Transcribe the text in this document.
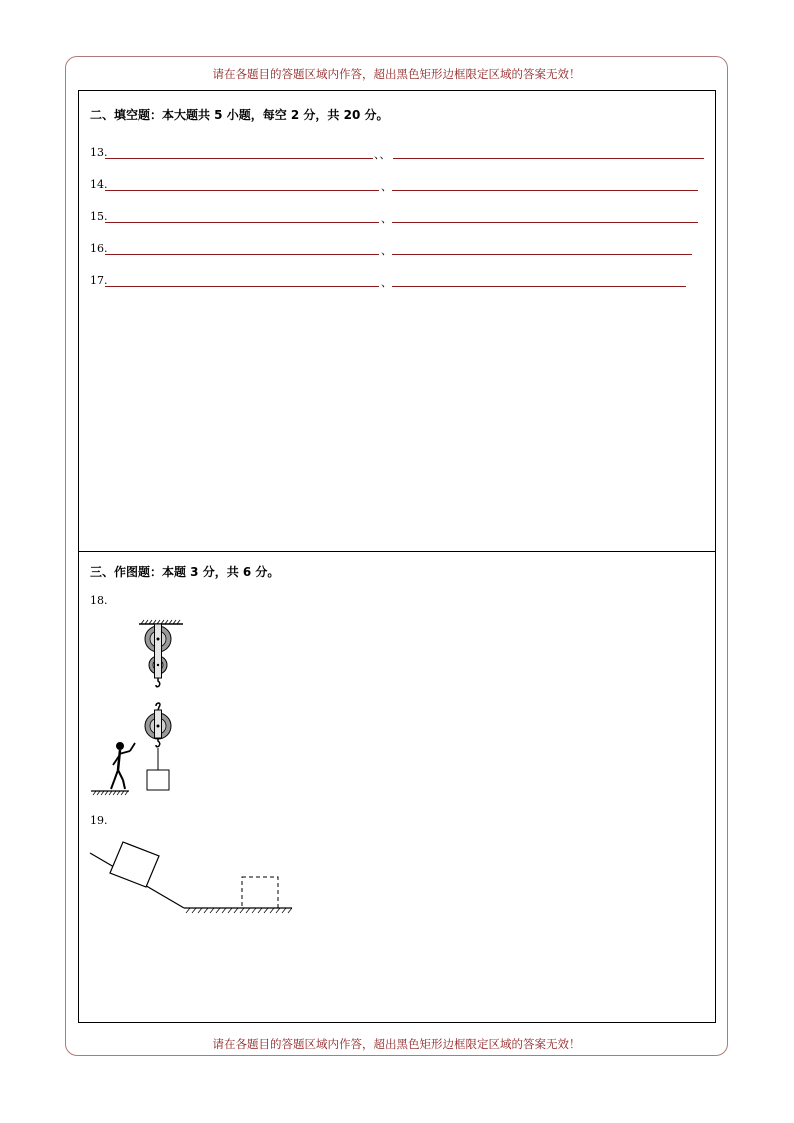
请在各题目的答题区域内作答，超出黑色矩形边框限定区域的答案无效！
二、填空题：本大题共 5 小题，每空 2 分，共 20 分。
13.	、、
14.	、
15.	、
16.	、
17.	、
三、作图题：本题 3 分，共 6 分。
18.
19.
请在各题目的答题区域内作答，超出黑色矩形边框限定区域的答案无效！
